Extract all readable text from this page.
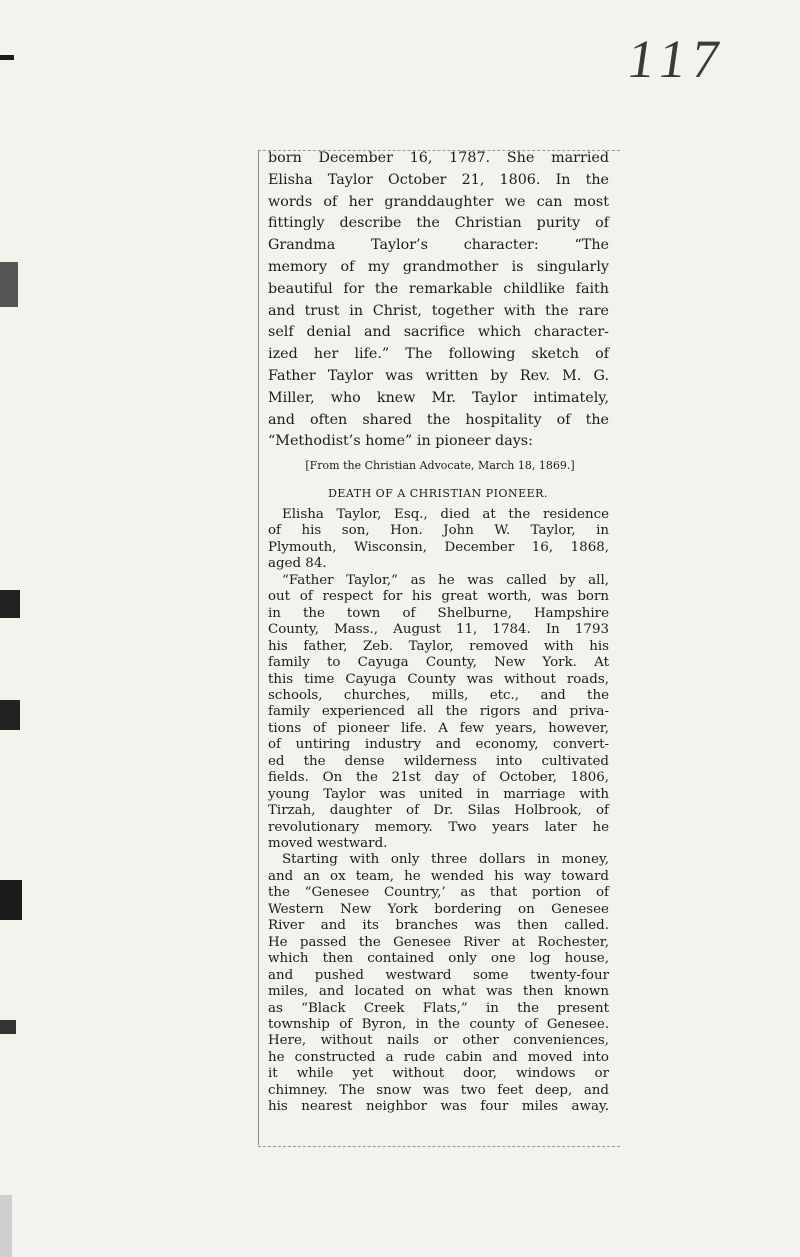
117
born December 16, 1787. She married
Elisha Taylor October 21, 1806. In the
words of her granddaughter we can most
fittingly describe the Christian purity of
Grandma Taylor’s character: “The
memory of my grandmother is singularly
beautiful for the remarkable childlike faith
and trust in Christ, together with the rare
self denial and sacrifice which character-
ized her life.” The following sketch of
Father Taylor was written by Rev. M. G.
Miller, who knew Mr. Taylor intimately,
and often shared the hospitality of the
“Methodist’s home” in pioneer days:
[From the Christian Advocate, March 18, 1869.]
DEATH OF A CHRISTIAN PIONEER.
Elisha Taylor, Esq., died at the residence
of his son, Hon. John W. Taylor, in
Plymouth, Wisconsin, December 16, 1868,
aged 84.
“Father Taylor,” as he was called by all,
out of respect for his great worth, was born
in the town of Shelburne, Hampshire
County, Mass., August 11, 1784. In 1793
his father, Zeb. Taylor, removed with his
family to Cayuga County, New York. At
this time Cayuga County was without roads,
schools, churches, mills, etc., and the
family experienced all the rigors and priva-
tions of pioneer life. A few years, however,
of untiring industry and economy, convert-
ed the dense wilderness into cultivated
fields. On the 21st day of October, 1806,
young Taylor was united in marriage with
Tirzah, daughter of Dr. Silas Holbrook, of
revolutionary memory. Two years later he
moved westward.
Starting with only three dollars in money,
and an ox team, he wended his way toward
the “Genesee Country,’ as that portion of
Western New York bordering on Genesee
River and its branches was then called.
He passed the Genesee River at Rochester,
which then contained only one log house,
and pushed westward some twenty-four
miles, and located on what was then known
as “Black Creek Flats,” in the present
township of Byron, in the county of Genesee.
Here, without nails or other conveniences,
he constructed a rude cabin and moved into
it while yet without door, windows or
chimney. The snow was two feet deep, and
his nearest neighbor was four miles away.
